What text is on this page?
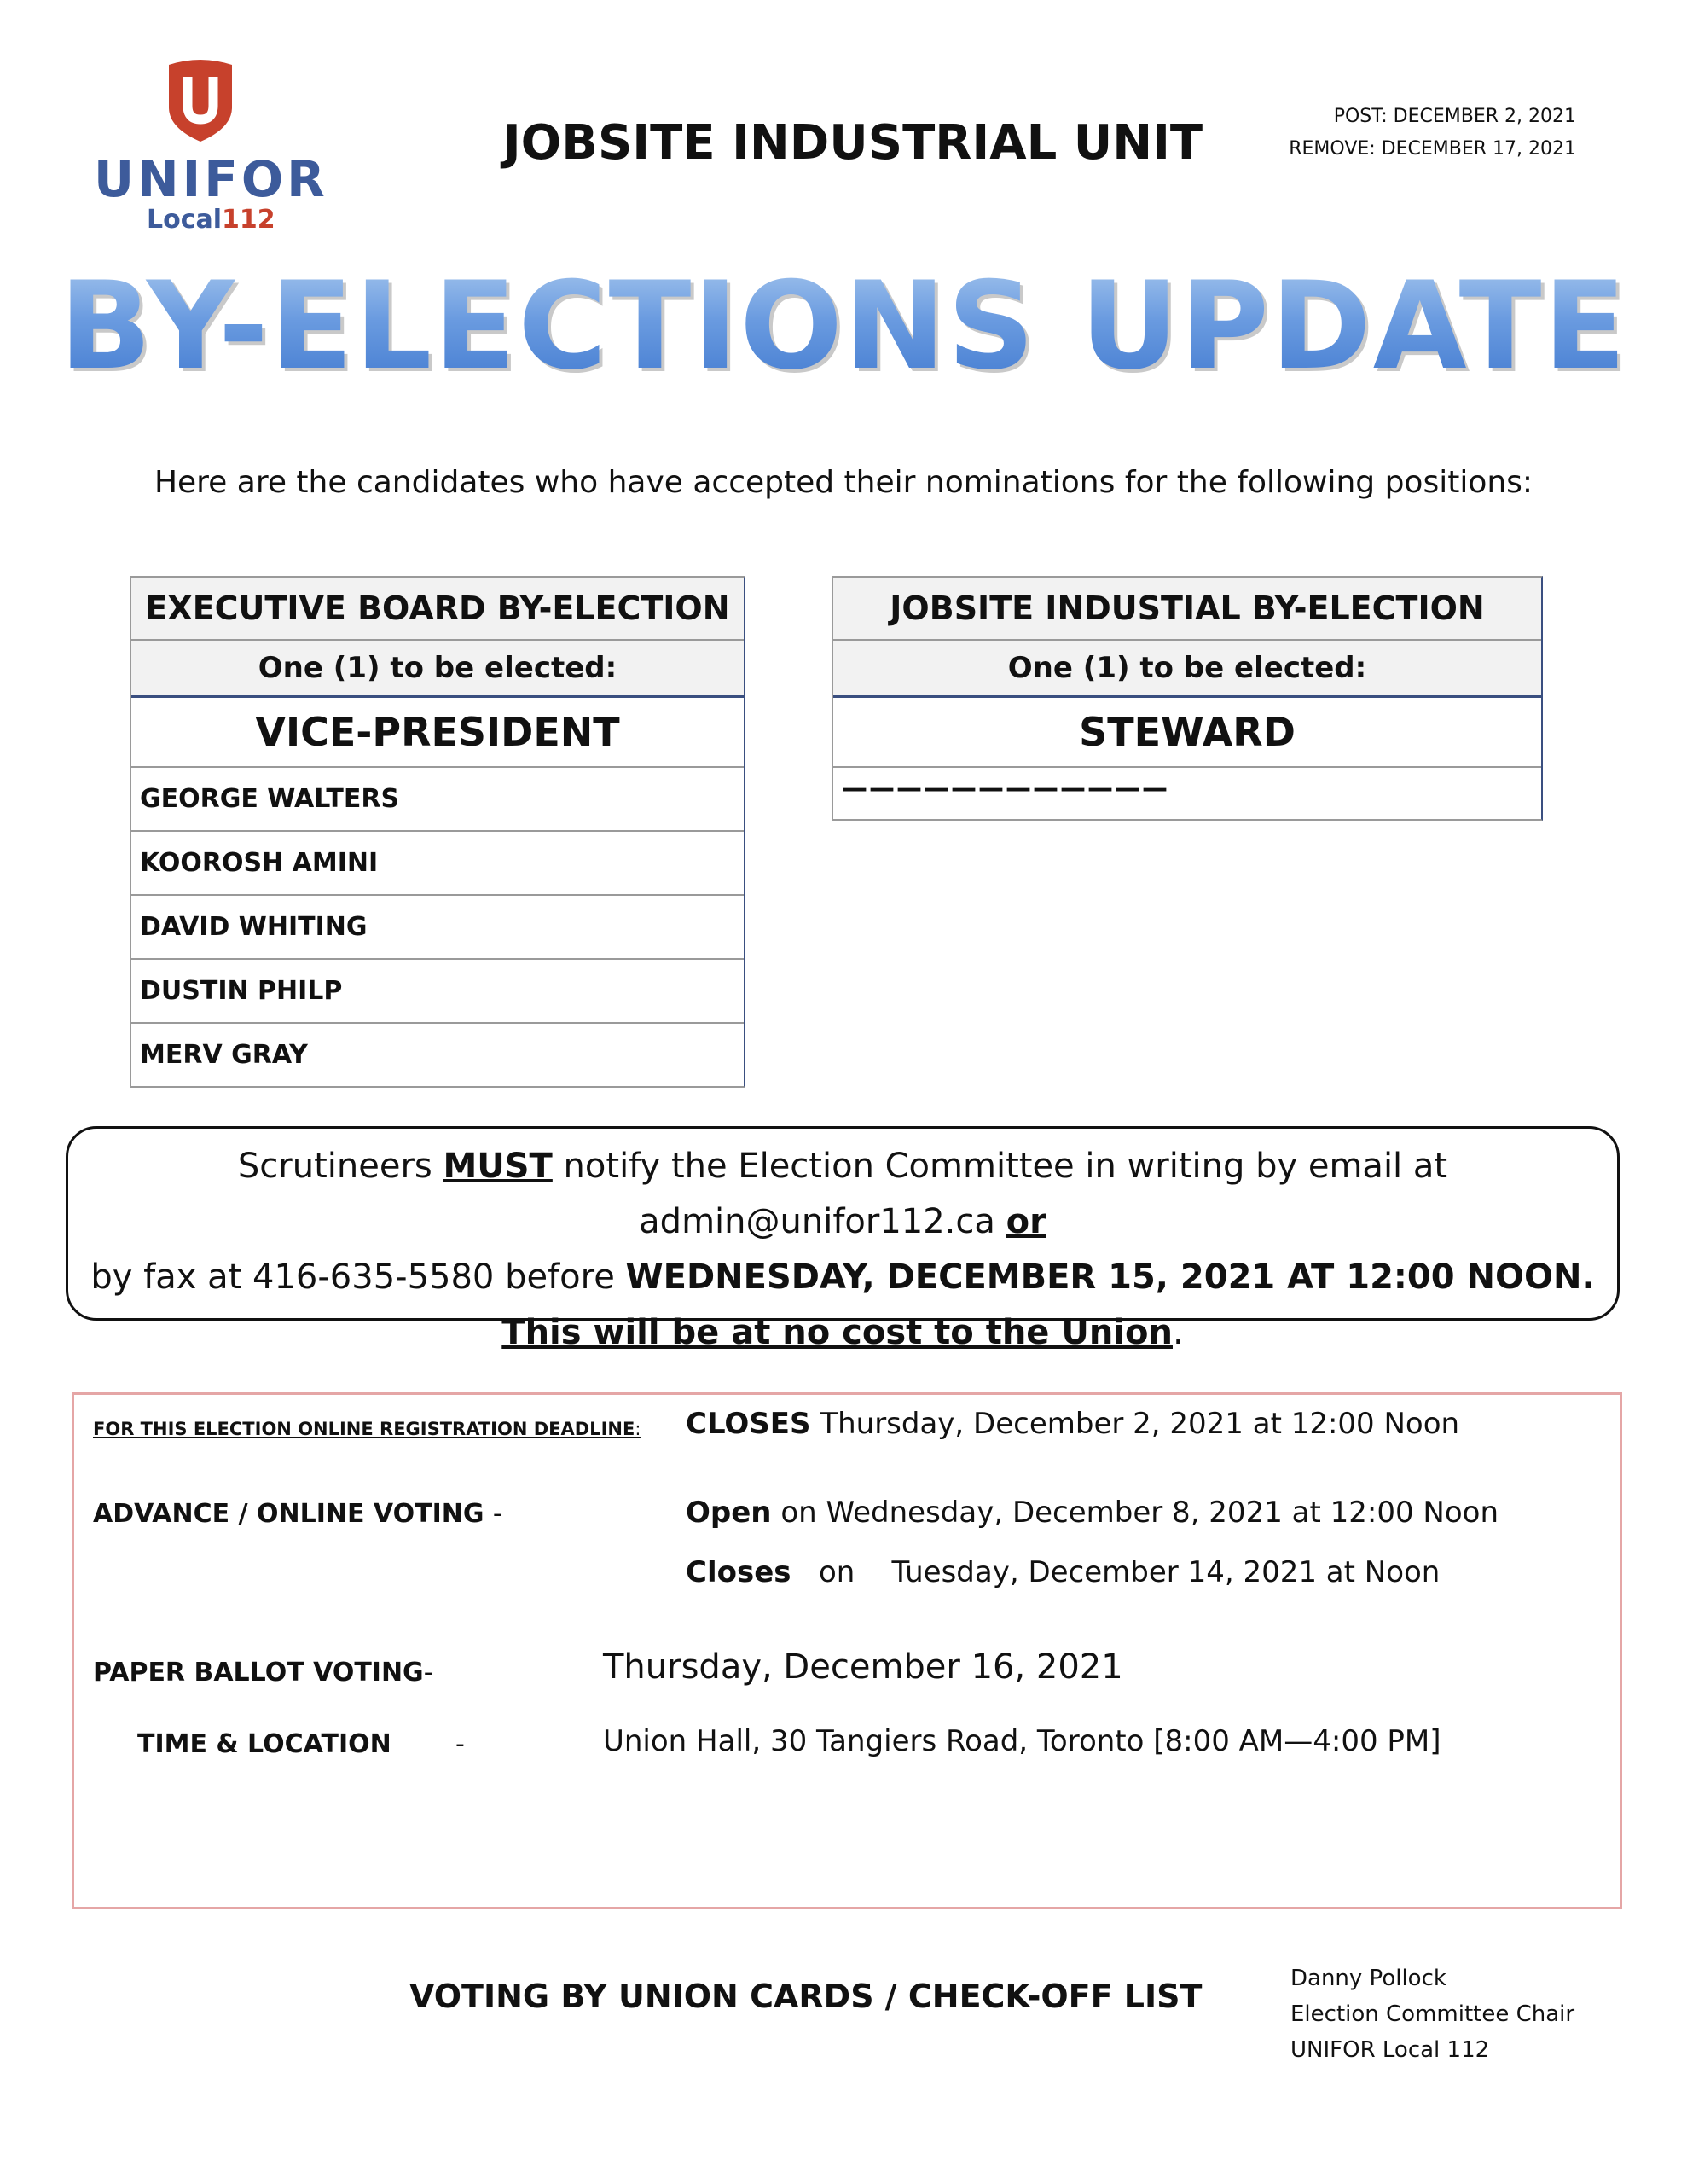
UNIFOR
Local112
JOBSITE INDUSTRIAL UNIT	POST: DECEMBER 2, 2021
REMOVE: DECEMBER 17, 2021
BY-ELECTIONS UPDATE
Here are the candidates who have accepted their nominations for the following positions:
EXECUTIVE BOARD BY-ELECTION
One (1) to be elected:
VICE-PRESIDENT
GEORGE WALTERS
KOOROSH AMINI
DAVID WHITING
DUSTIN PHILP
MERV GRAY
JOBSITE INDUSTIAL BY-ELECTION
One (1) to be elected:
STEWARD
————————————
Scrutineers MUST notify the Election Committee in writing by email at admin@unifor112.ca or
by fax at 416-635-5580 before WEDNESDAY, DECEMBER 15, 2021 AT 12:00 NOON.
This will be at no cost to the Union.
FOR THIS ELECTION ONLINE REGISTRATION DEADLINE: CLOSES Thursday, December 2, 2021 at 12:00 Noon
ADVANCE / ONLINE VOTING -	Open on Wednesday, December 8, 2021 at 12:00 Noon
Closes on    Tuesday, December 14, 2021 at Noon
PAPER BALLOT VOTING-	Thursday, December 16, 2021
TIME & LOCATION	-	Union Hall, 30 Tangiers Road, Toronto [8:00 AM—4:00 PM]
VOTING BY UNION CARDS / CHECK-OFF LIST	Danny Pollock
Election Committee Chair
UNIFOR Local 112
